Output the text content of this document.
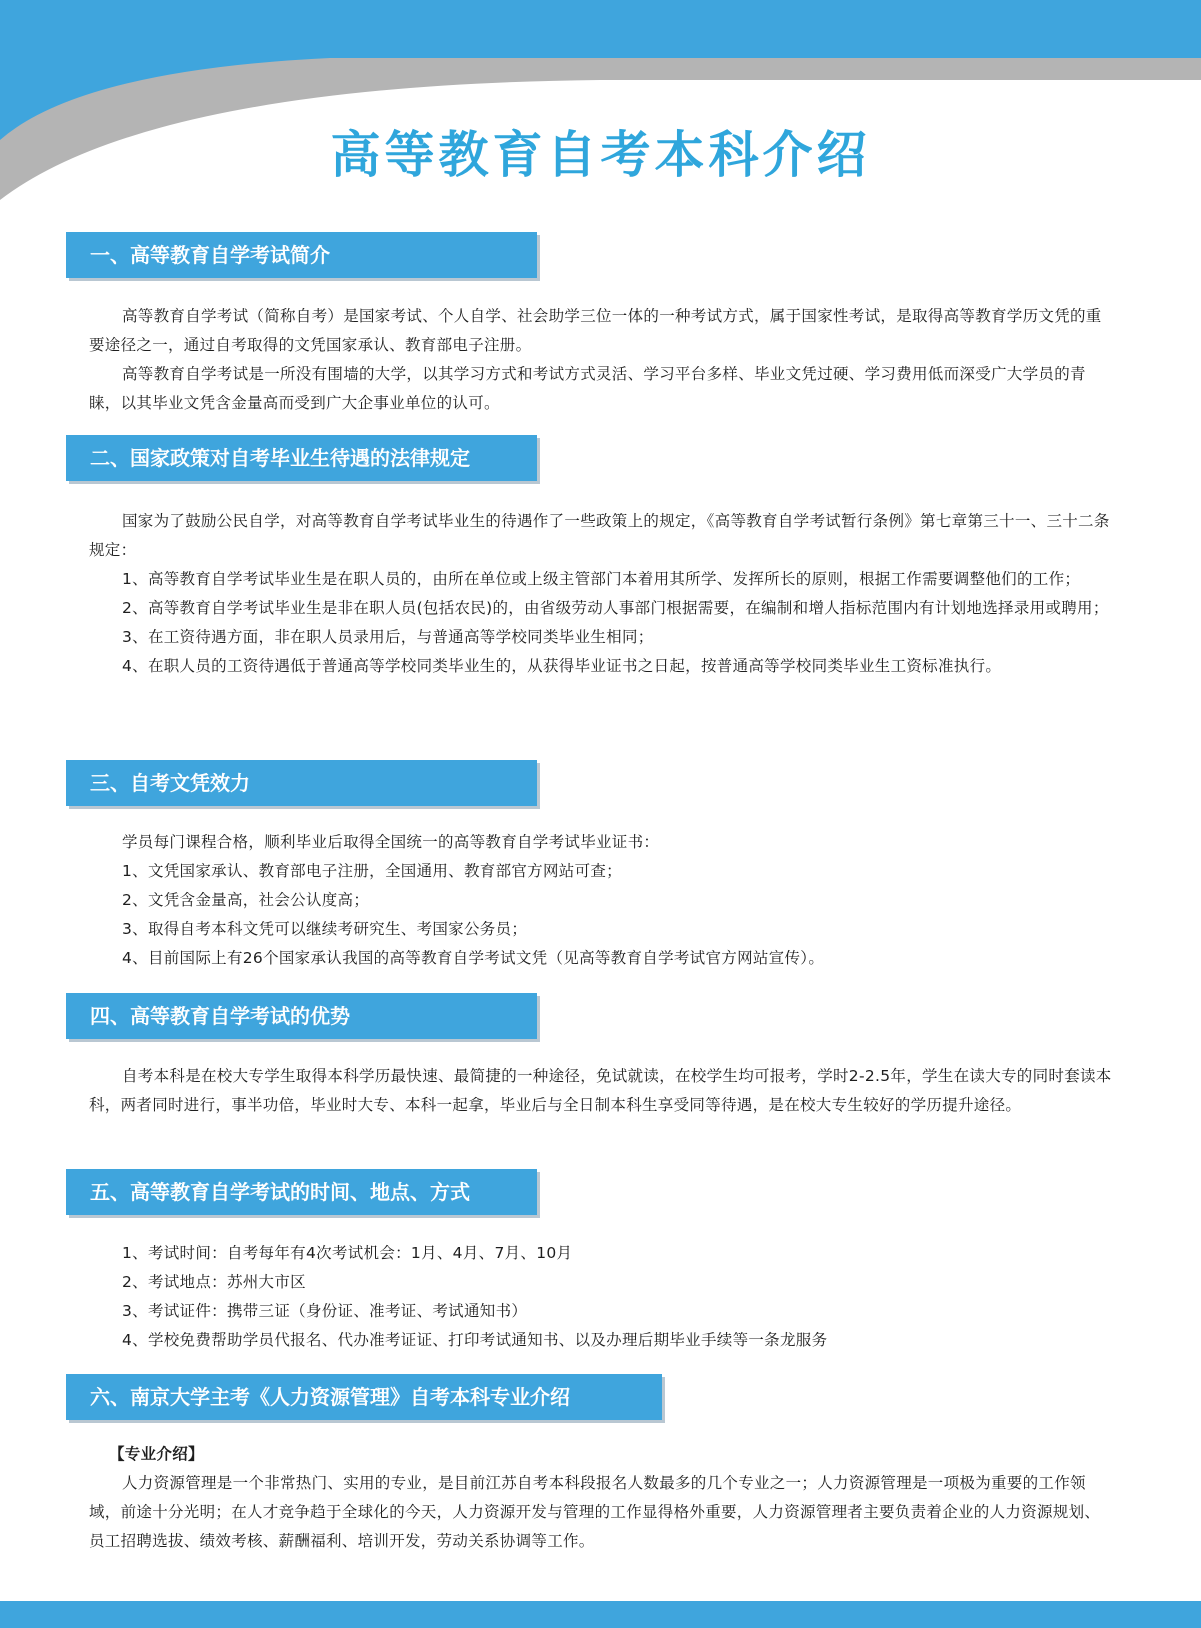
高等教育自考本科介绍
一、高等教育自学考试简介

高等教育自学考试（简称自考）是国家考试、个人自学、社会助学三位一体的一种考试方式，属于国家性考试，是取得高等教育学历文凭的重要途径之一，通过自考取得的文凭国家承认、教育部电子注册。

高等教育自学考试是一所没有围墙的大学，以其学习方式和考试方式灵活、学习平台多样、毕业文凭过硬、学习费用低而深受广大学员的青睐，以其毕业文凭含金量高而受到广大企事业单位的认可。

二、国家政策对自考毕业生待遇的法律规定

国家为了鼓励公民自学，对高等教育自学考试毕业生的待遇作了一些政策上的规定，《高等教育自学考试暂行条例》第七章第三十一、三十二条规定：

1、高等教育自学考试毕业生是在职人员的，由所在单位或上级主管部门本着用其所学、发挥所长的原则，根据工作需要调整他们的工作；

2、高等教育自学考试毕业生是非在职人员(包括农民)的，由省级劳动人事部门根据需要，在编制和增人指标范围内有计划地选择录用或聘用；

3、在工资待遇方面，非在职人员录用后，与普通高等学校同类毕业生相同；

4、在职人员的工资待遇低于普通高等学校同类毕业生的，从获得毕业证书之日起，按普通高等学校同类毕业生工资标准执行。

三、自考文凭效力

学员每门课程合格，顺利毕业后取得全国统一的高等教育自学考试毕业证书：

1、文凭国家承认、教育部电子注册，全国通用、教育部官方网站可查；

2、文凭含金量高，社会公认度高；

3、取得自考本科文凭可以继续考研究生、考国家公务员；

4、目前国际上有26个国家承认我国的高等教育自学考试文凭（见高等教育自学考试官方网站宣传）。

四、高等教育自学考试的优势

自考本科是在校大专学生取得本科学历最快速、最简捷的一种途径，免试就读，在校学生均可报考，学时2-2.5年，学生在读大专的同时套读本科，两者同时进行，事半功倍，毕业时大专、本科一起拿，毕业后与全日制本科生享受同等待遇，是在校大专生较好的学历提升途径。

五、高等教育自学考试的时间、地点、方式

1、考试时间：自考每年有4次考试机会：1月、4月、7月、10月

2、考试地点：苏州大市区

3、考试证件：携带三证（身份证、准考证、考试通知书）

4、学校免费帮助学员代报名、代办准考证证、打印考试通知书、以及办理后期毕业手续等一条龙服务

六、南京大学主考《人力资源管理》自考本科专业介绍

【专业介绍】

人力资源管理是一个非常热门、实用的专业，是目前江苏自考本科段报名人数最多的几个专业之一；人力资源管理是一项极为重要的工作领域，前途十分光明；在人才竞争趋于全球化的今天，人力资源开发与管理的工作显得格外重要，人力资源管理者主要负责着企业的人力资源规划、员工招聘选拔、绩效考核、薪酬福利、培训开发，劳动关系协调等工作。
